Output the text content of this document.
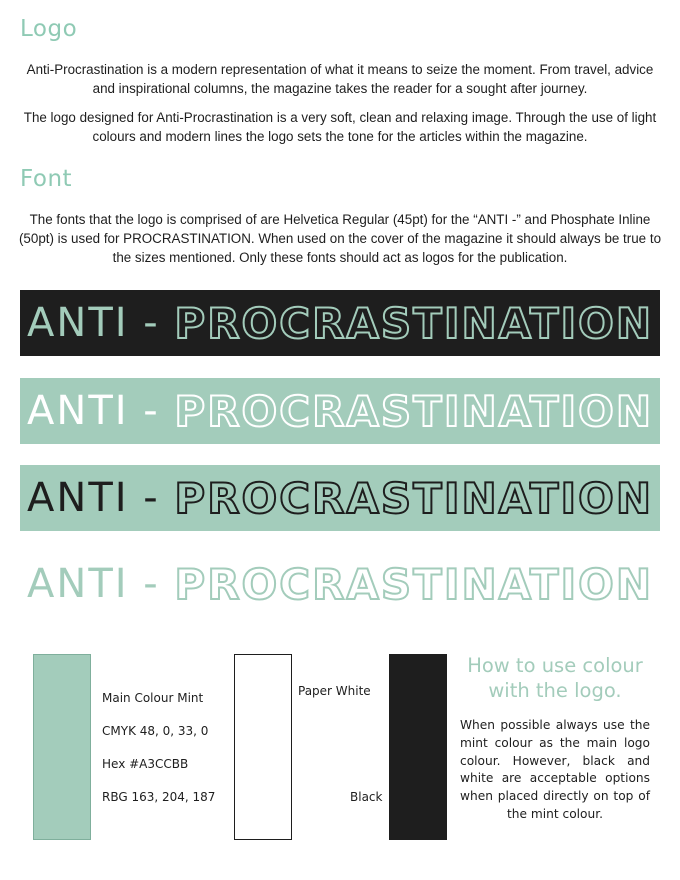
Logo
Anti-Procrastination is a modern representation of what it means to seize the moment. From travel, advice and inspirational columns, the magazine takes the reader for a sought after journey.
The logo designed for Anti-Procrastination is a very soft, clean and relaxing image. Through the use of light colours and modern lines the logo sets the tone for the articles within the magazine.
Font
The fonts that the logo is comprised of are Helvetica Regular (45pt) for the “ANTI -” and Phosphate Inline (50pt) is used for PROCRASTINATION. When used on the cover of the magazine it should always be true to the sizes mentioned. Only these fonts should act as logos for the publication.
ANTI - PROCRASTINATION
ANTI - PROCRASTINATION
ANTI - PROCRASTINATION
ANTI - PROCRASTINATION
Main Colour Mint
CMYK 48, 0, 33, 0
Hex #A3CCBB
RBG 163, 204, 187
Paper White
Black
How to use colour with the logo.
When possible always use the mint colour as the main logo colour. However, black and white are acceptable options when placed directly on top of the mint colour.
